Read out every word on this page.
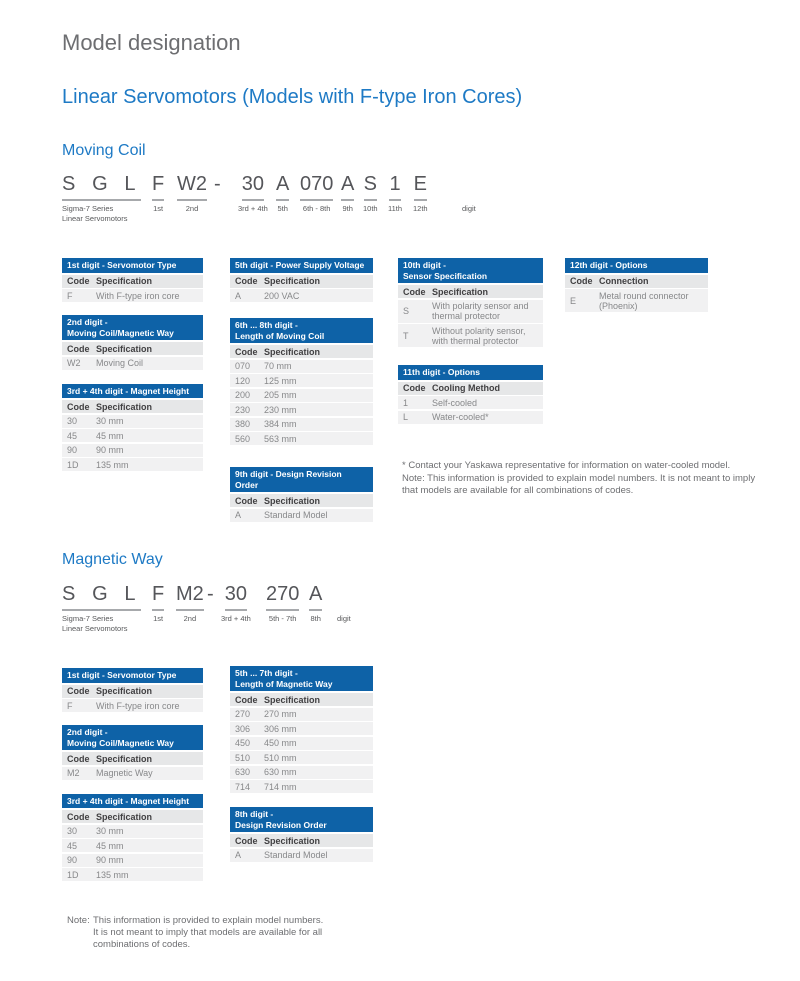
Model designation
Linear Servomotors (Models with F-type Iron Cores)
Moving Coil
S G L
Sigma-7 Series
Linear Servomotors
F
1st
W2
2nd
- 30
3rd + 4th
A
5th
070
6th - 8th
A
9th
S
10th
1
11th
E
12th	digit
1st digit - Servomotor Type
Code Specification
F	With F-type iron core
2nd digit -
Moving Coil/Magnetic Way
Code Specification
W2	Moving Coil
3rd + 4th digit - Magnet Height
Code Specification
30	30 mm
45	45 mm
90	90 mm
1D	135 mm
5th digit - Power Supply Voltage
Code Specification
A	200 VAC
6th ... 8th digit -
Length of Moving Coil
Code Specification
070	70 mm
120	125 mm
200	205 mm
230	230 mm
380	384 mm
560	563 mm
9th digit - Design Revision
Order
Code Specification
A	Standard Model
10th digit -
Sensor Specification
Code Specification
S	With polarity sensor and thermal protector
T	Without polarity sensor, with thermal protector
11th digit - Options
Code Cooling Method
1	Self-cooled
L	Water-cooled*
12th digit - Options
Code Connection
E	Metal round connector (Phoenix)
* Contact your Yaskawa representative for information on water-cooled model.
Note: This information is provided to explain model numbers. It is not meant to imply
that models are available for all combinations of codes.
Magnetic Way
S G L
Sigma-7 Series
Linear Servomotors
F
1st
M2
2nd
- 30
3rd + 4th
270
5th - 7th
A
8th digit
1st digit - Servomotor Type
Code Specification
F	With F-type iron core
2nd digit -
Moving Coil/Magnetic Way
Code Specification
M2	Magnetic Way
3rd + 4th digit - Magnet Height
Code Specification
30	30 mm
45	45 mm
90	90 mm
1D	135 mm
5th ... 7th digit -
Length of Magnetic Way
Code Specification
270	270 mm
306	306 mm
450	450 mm
510	510 mm
630	630 mm
714	714 mm
8th digit -
Design Revision Order
Code Specification
A	Standard Model
Note: This information is provided to explain model numbers.
It is not meant to imply that models are available for all
combinations of codes.
